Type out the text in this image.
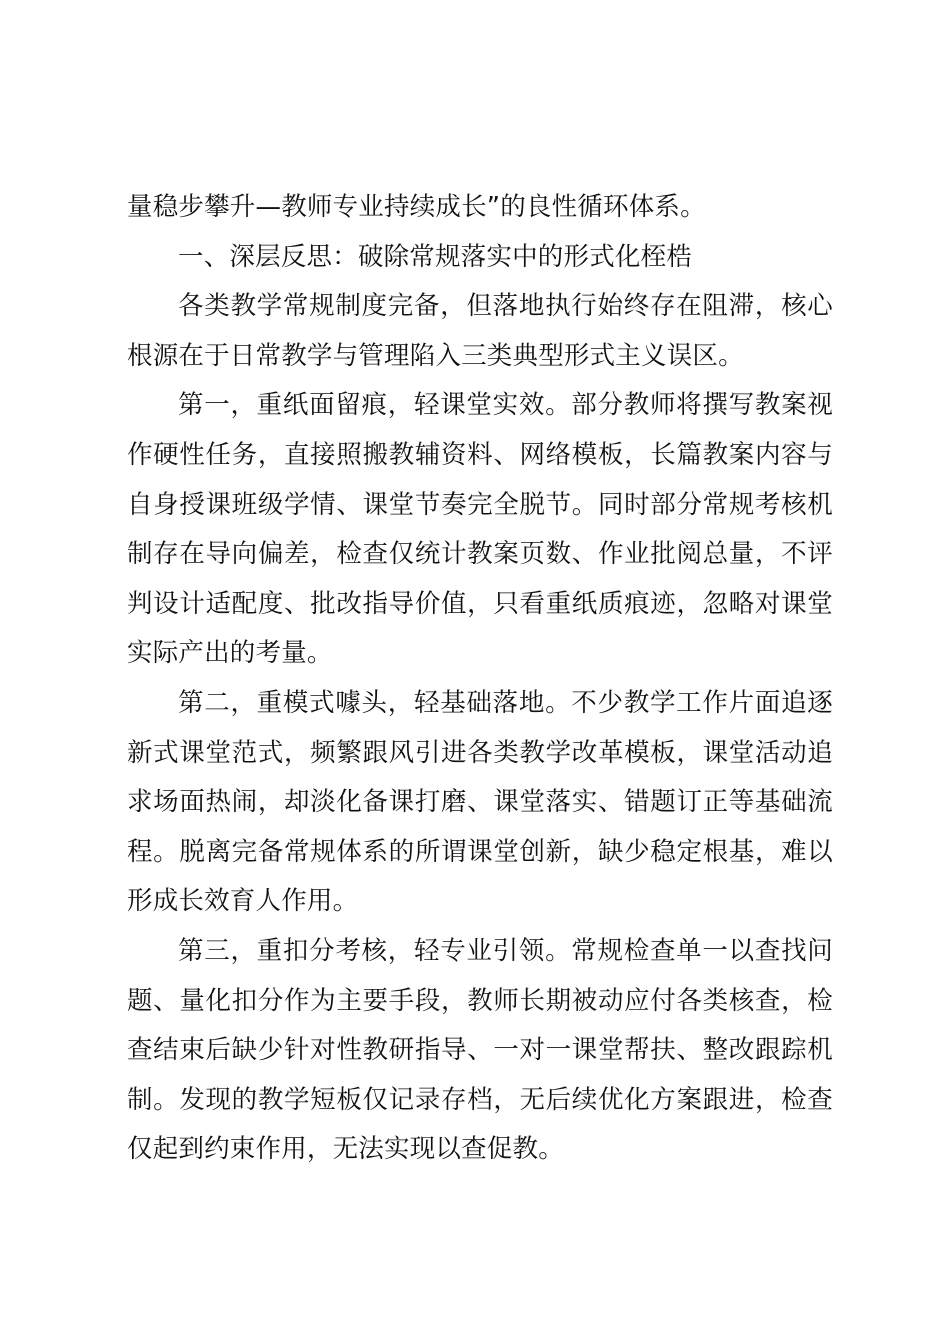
量稳步攀升—教师专业持续成长”的良性循环体系。

一、深层反思：破除常规落实中的形式化桎梏

各类教学常规制度完备，但落地执行始终存在阻滞，核心根源在于日常教学与管理陷入三类典型形式主义误区。

第一，重纸面留痕，轻课堂实效。部分教师将撰写教案视作硬性任务，直接照搬教辅资料、网络模板，长篇教案内容与自身授课班级学情、课堂节奏完全脱节。同时部分常规考核机制存在导向偏差，检查仅统计教案页数、作业批阅总量，不评判设计适配度、批改指导价值，只看重纸质痕迹，忽略对课堂实际产出的考量。

第二，重模式噱头，轻基础落地。不少教学工作片面追逐新式课堂范式，频繁跟风引进各类教学改革模板，课堂活动追求场面热闹，却淡化备课打磨、课堂落实、错题订正等基础流程。脱离完备常规体系的所谓课堂创新，缺少稳定根基，难以形成长效育人作用。

第三，重扣分考核，轻专业引领。常规检查单一以查找问题、量化扣分作为主要手段，教师长期被动应付各类核查，检查结束后缺少针对性教研指导、一对一课堂帮扶、整改跟踪机制。发现的教学短板仅记录存档，无后续优化方案跟进，检查仅起到约束作用，无法实现以查促教。
